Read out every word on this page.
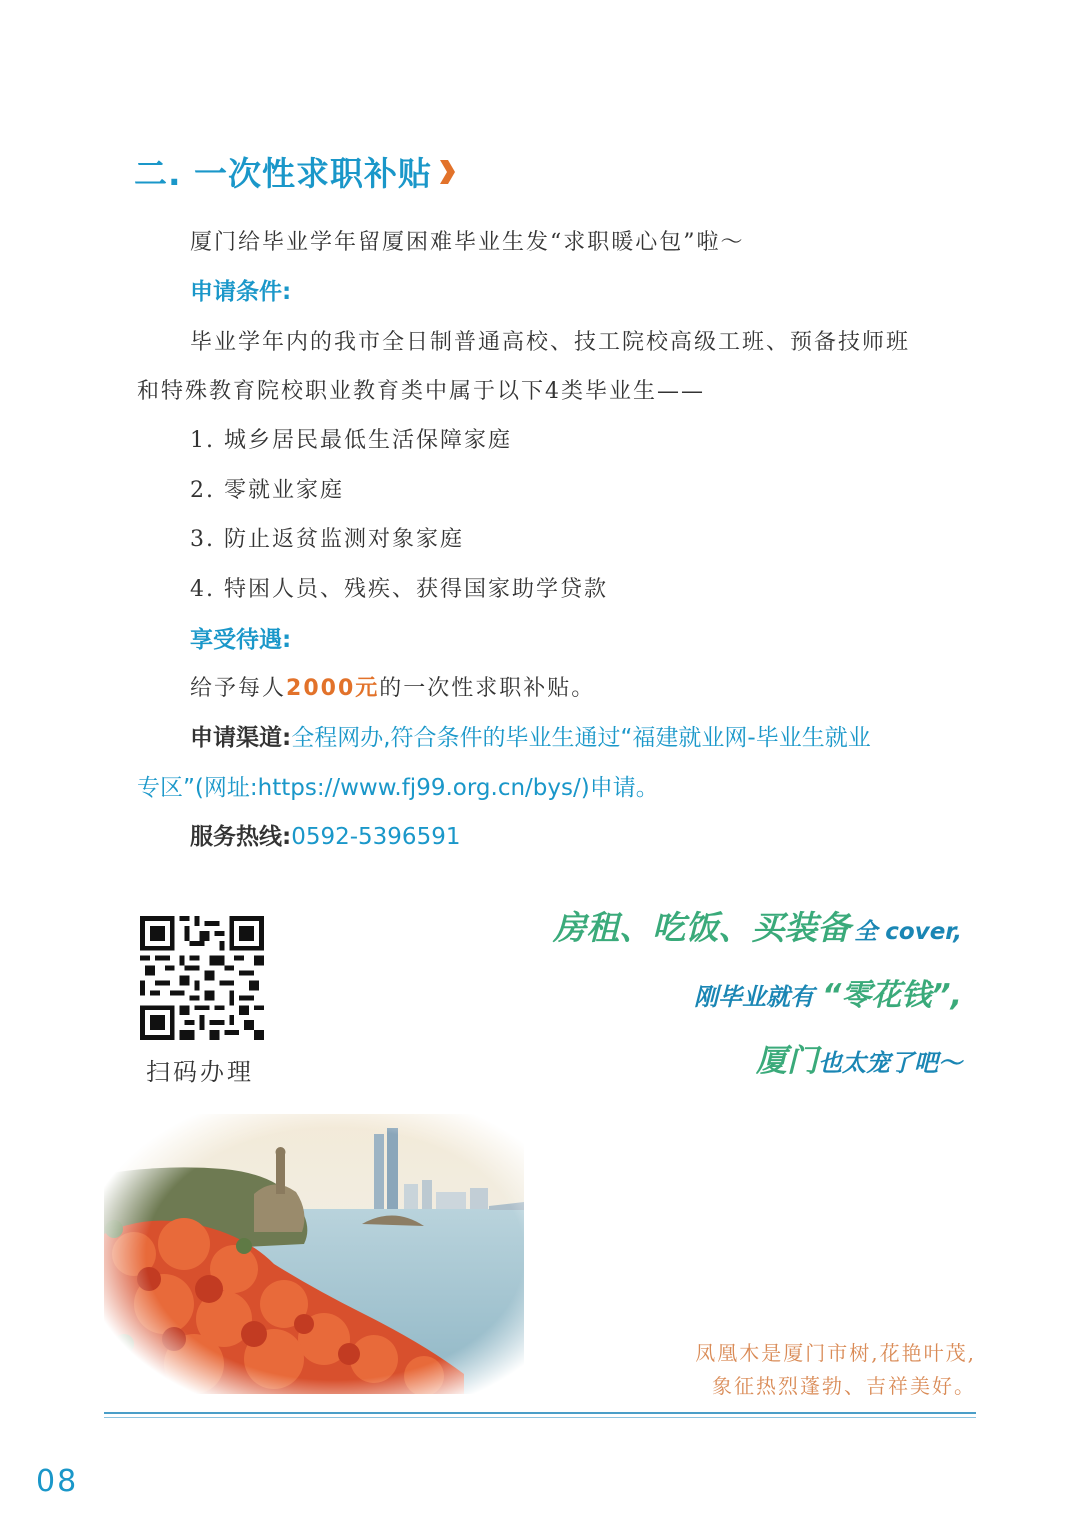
二. 一次性求职补贴
厦门给毕业学年留厦困难毕业生发“求职暖心包”啦～
申请条件:
毕业学年内的我市全日制普通高校、技工院校高级工班、预备技师班
和特殊教育院校职业教育类中属于以下4类毕业生——
1. 城乡居民最低生活保障家庭
2. 零就业家庭
3. 防止返贫监测对象家庭
4. 特困人员、残疾、获得国家助学贷款
享受待遇:
给予每人2000元的一次性求职补贴。
申请渠道:全程网办,符合条件的毕业生通过“福建就业网-毕业生就业
专区”(网址:https://www.fj99.org.cn/bys/)申请。
服务热线:0592-5396591
扫码办理
房租、吃饭、买装备 全 cover,
刚毕业就有 “零花钱”,
厦门也太宠了吧～
凤凰木是厦门市树,花艳叶茂,
象征热烈蓬勃、吉祥美好。
08
